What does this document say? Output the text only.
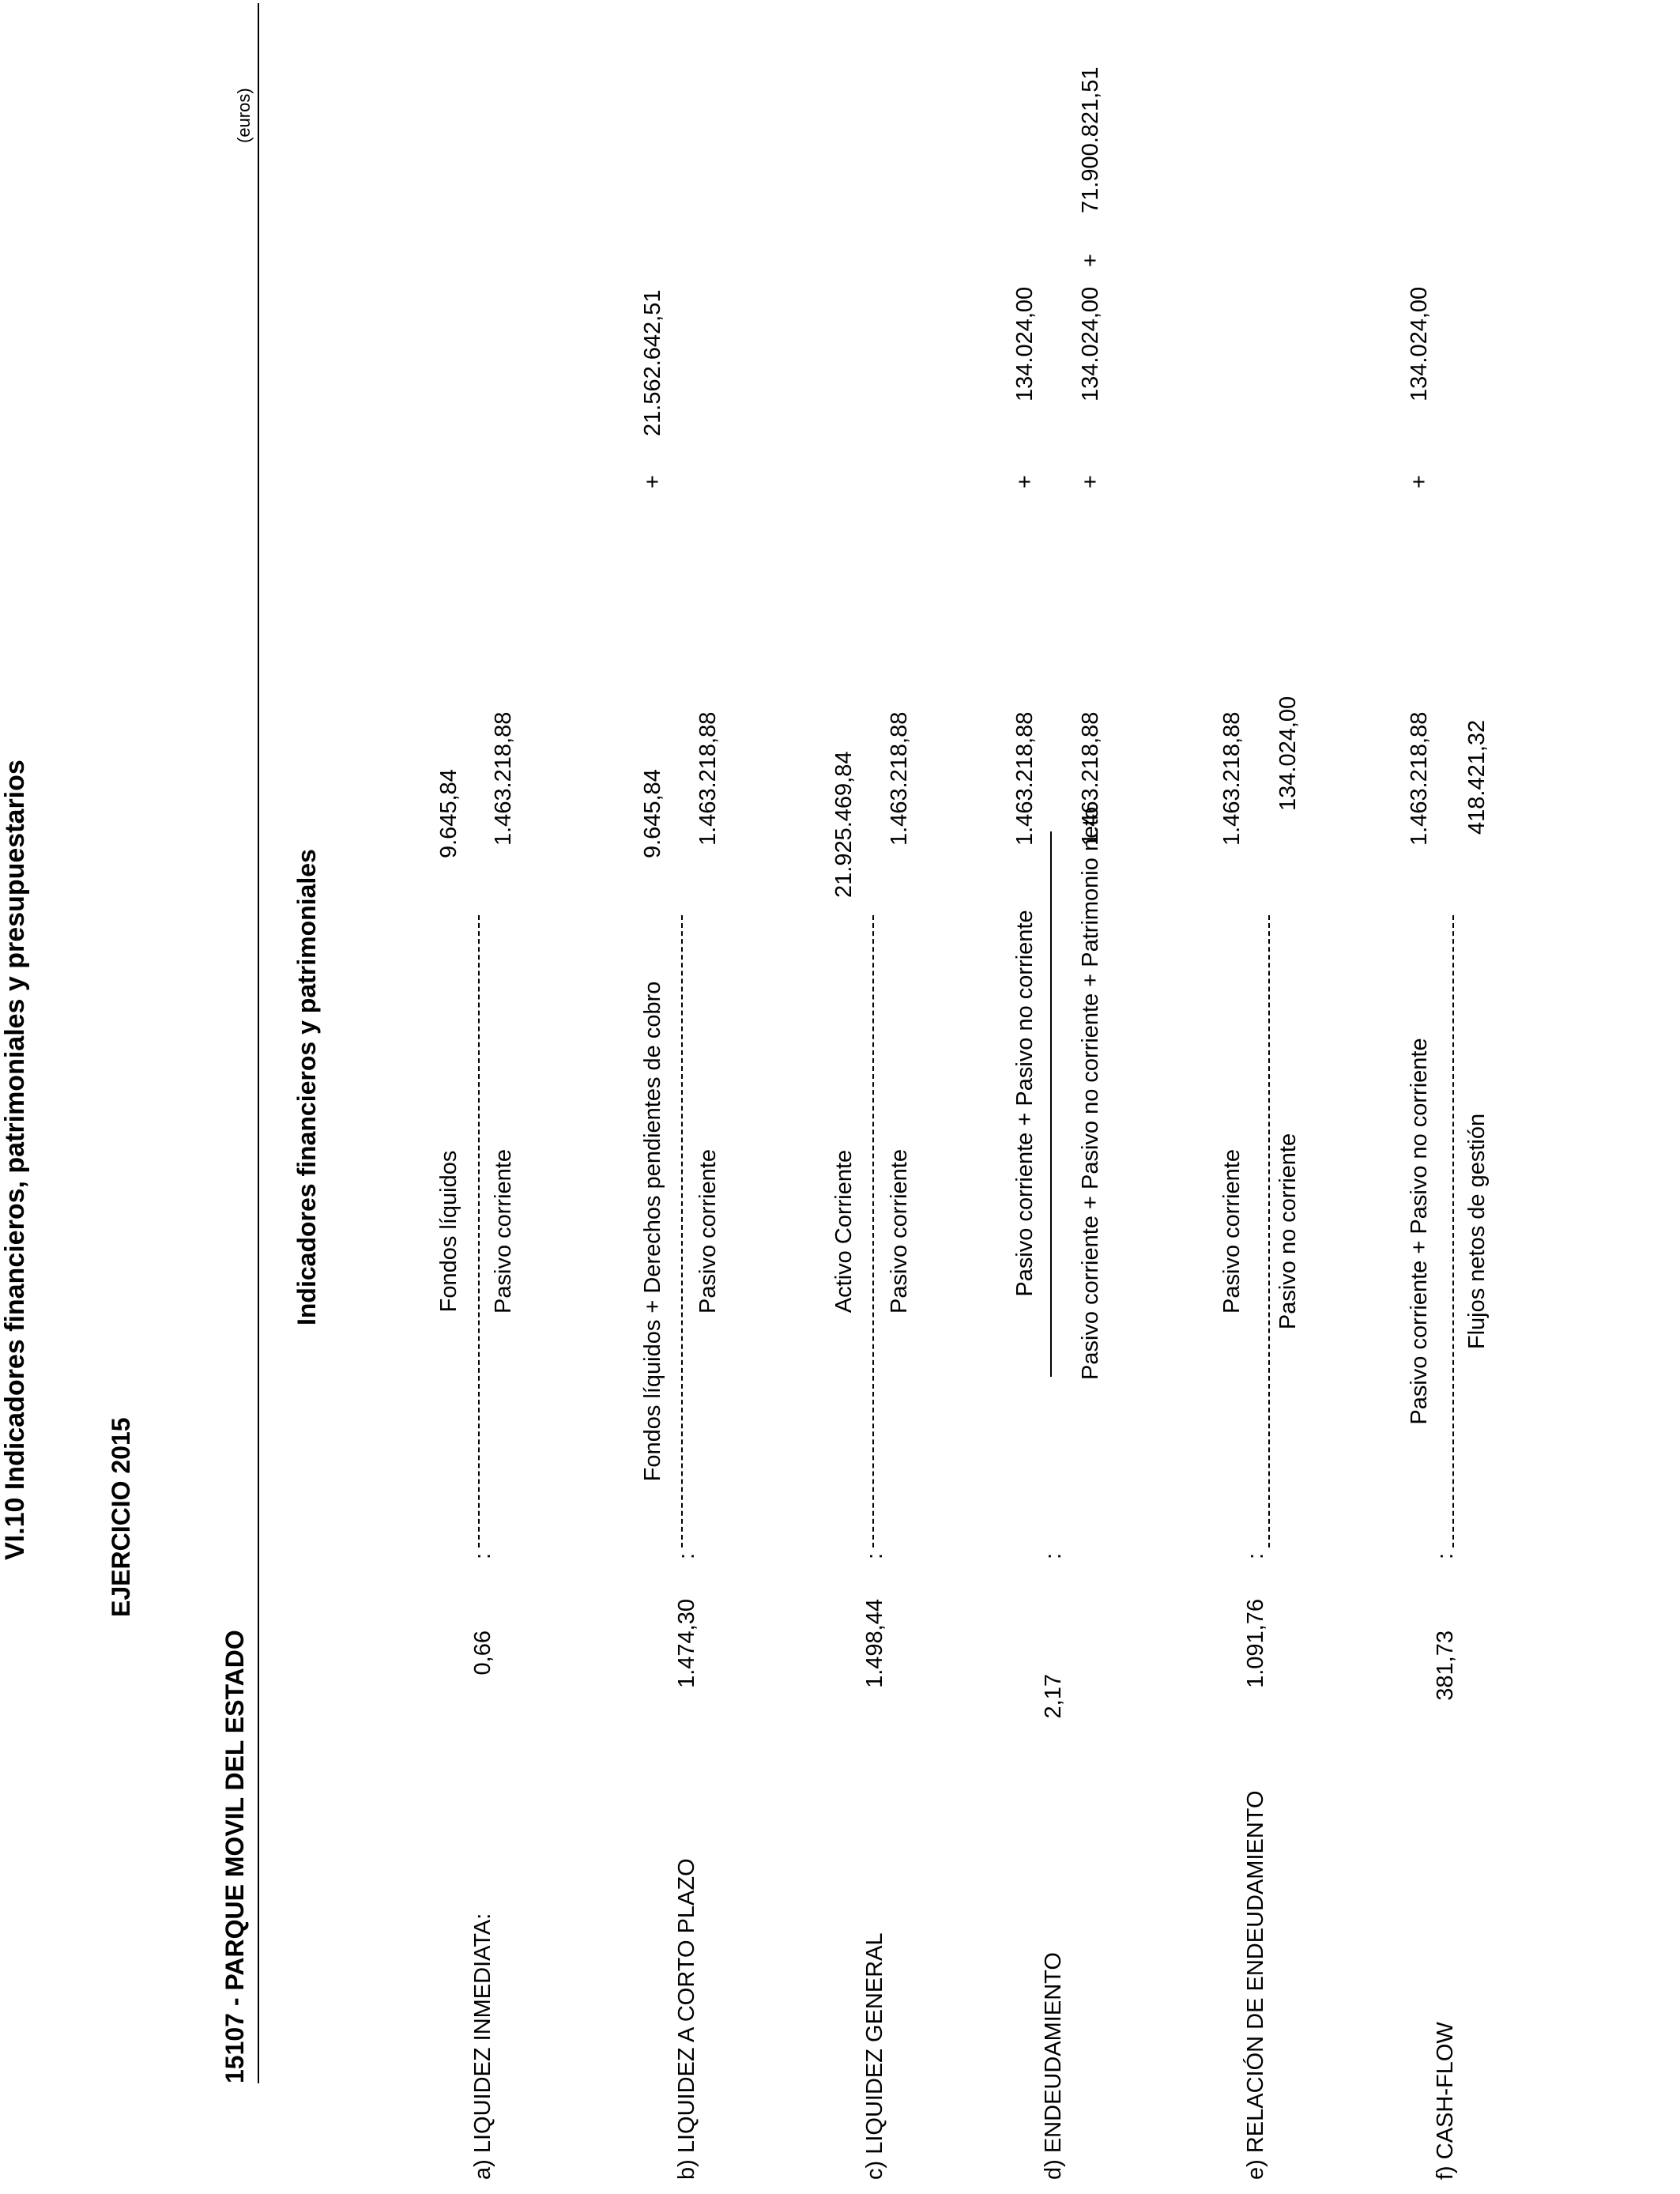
VI.10 Indicadores financieros, patrimoniales y presupuestarios	EJERCICIO 2015
Indicadores financieros y patrimoniales
15107 - PARQUE MOVIL DEL ESTADO
(euros)
a) LIQUIDEZ INMEDIATA:
0,66
:
Fondos líquidos Pasivo corriente
9.645,84 1.463.218,88
b) LIQUIDEZ A CORTO PLAZO
1.474,30
:
Fondos líquidos + Derechos pendientes de cobro Pasivo corriente
9.645,84
+
21.562.642,51
1.463.218,88
c) LIQUIDEZ GENERAL
1.498,44
:
Activo Corriente Pasivo corriente
21.925.469,84 1.463.218,88
d) ENDEUDAMIENTO
2,17
:
Pasivo corriente + Pasivo no corriente Pasivo corriente + Pasivo no corriente + Patrimonio neto
1.463.218,88
+
134.024,00
1.463.218,88
+
134.024,00
+
71.900.821,51
e) RELACIÓN DE ENDEUDAMIENTO
1.091,76
:
Pasivo corriente Pasivo no corriente
1.463.218,88 134.024,00
f) CASH-FLOW
381,73
:
Pasivo corriente + Pasivo no corriente Flujos netos de gestión
1.463.218,88
+
134.024,00
418.421,32
